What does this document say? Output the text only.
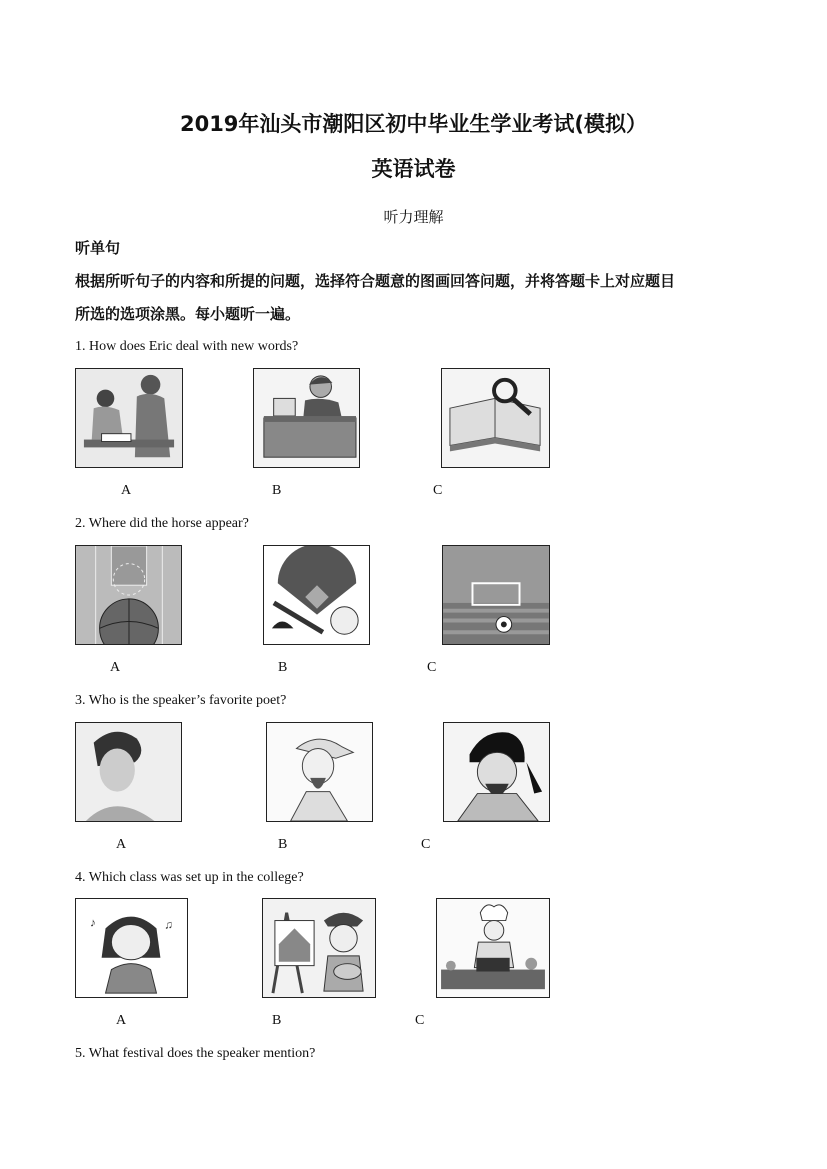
2019年汕头市潮阳区初中毕业生学业考试(模拟）
英语试卷
听力理解
听单句
根据所听句子的内容和所提的问题，选择符合题意的图画回答问题，并将答题卡上对应题目
所选的选项涂黑。每小题听一遍。
1. How does Eric deal with new words?
A	B	C
2. Where did the horse appear?
A	B	C
3. Who is the speaker’s favorite poet?
A	B	C
4. Which class was set up in the college?
♪	♫
A	B	C
5. What festival does the speaker mention?
